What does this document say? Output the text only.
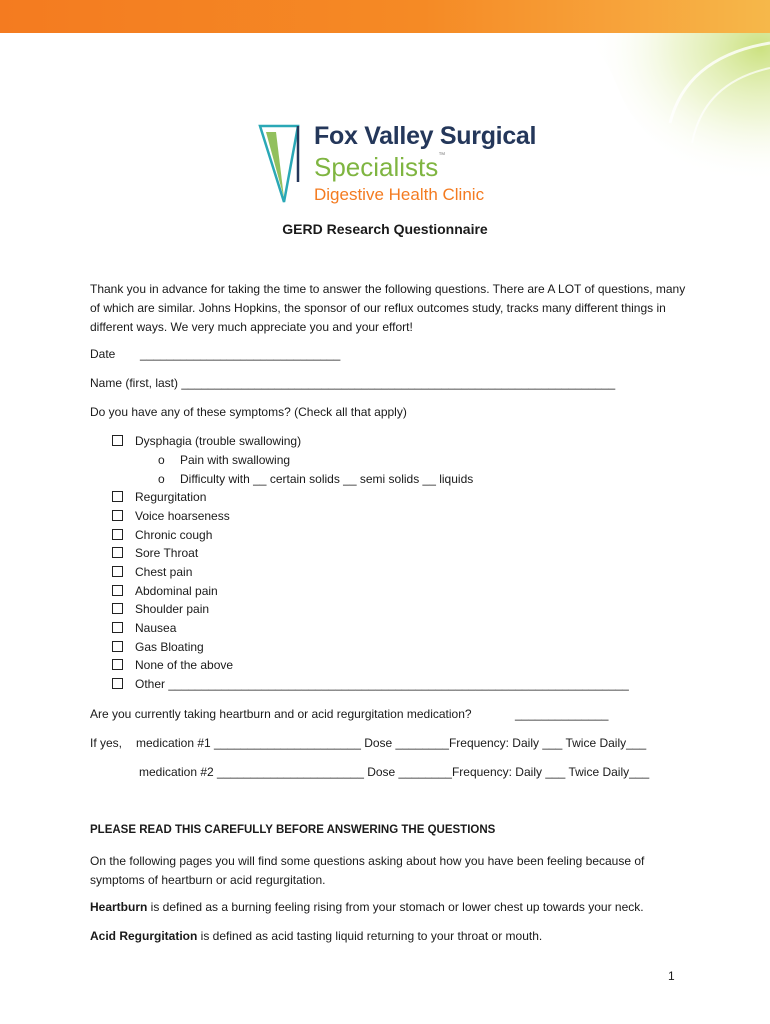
Fox Valley Surgical
Specialists™
Digestive Health Clinic
GERD Research Questionnaire
Thank you in advance for taking the time to answer the following questions. There are A LOT of questions, many of which are similar. Johns Hopkins, the sponsor of our reflux outcomes study, tracks many different things in different ways. We very much appreciate you and your effort!
Date ______________________________
Name (first, last) _________________________________________________________________
Do you have any of these symptoms? (Check all that apply)
Dysphagia (trouble swallowing)
o Pain with swallowing
o Difficulty with __ certain solids __ semi solids __ liquids
Regurgitation
Voice hoarseness
Chronic cough
Sore Throat
Chest pain
Abdominal pain
Shoulder pain
Nausea
Gas Bloating
None of the above
Other _____________________________________________________________________
Are you currently taking heartburn and or acid regurgitation medication?	______________
If yes, medication #1 ______________________ Dose ________Frequency: Daily ___ Twice Daily___
medication #2 ______________________ Dose ________Frequency: Daily ___ Twice Daily___
PLEASE READ THIS CAREFULLY BEFORE ANSWERING THE QUESTIONS
On the following pages you will find some questions asking about how you have been feeling because of symptoms of heartburn or acid regurgitation.
Heartburn is defined as a burning feeling rising from your stomach or lower chest up towards your neck.
Acid Regurgitation is defined as acid tasting liquid returning to your throat or mouth.
1
